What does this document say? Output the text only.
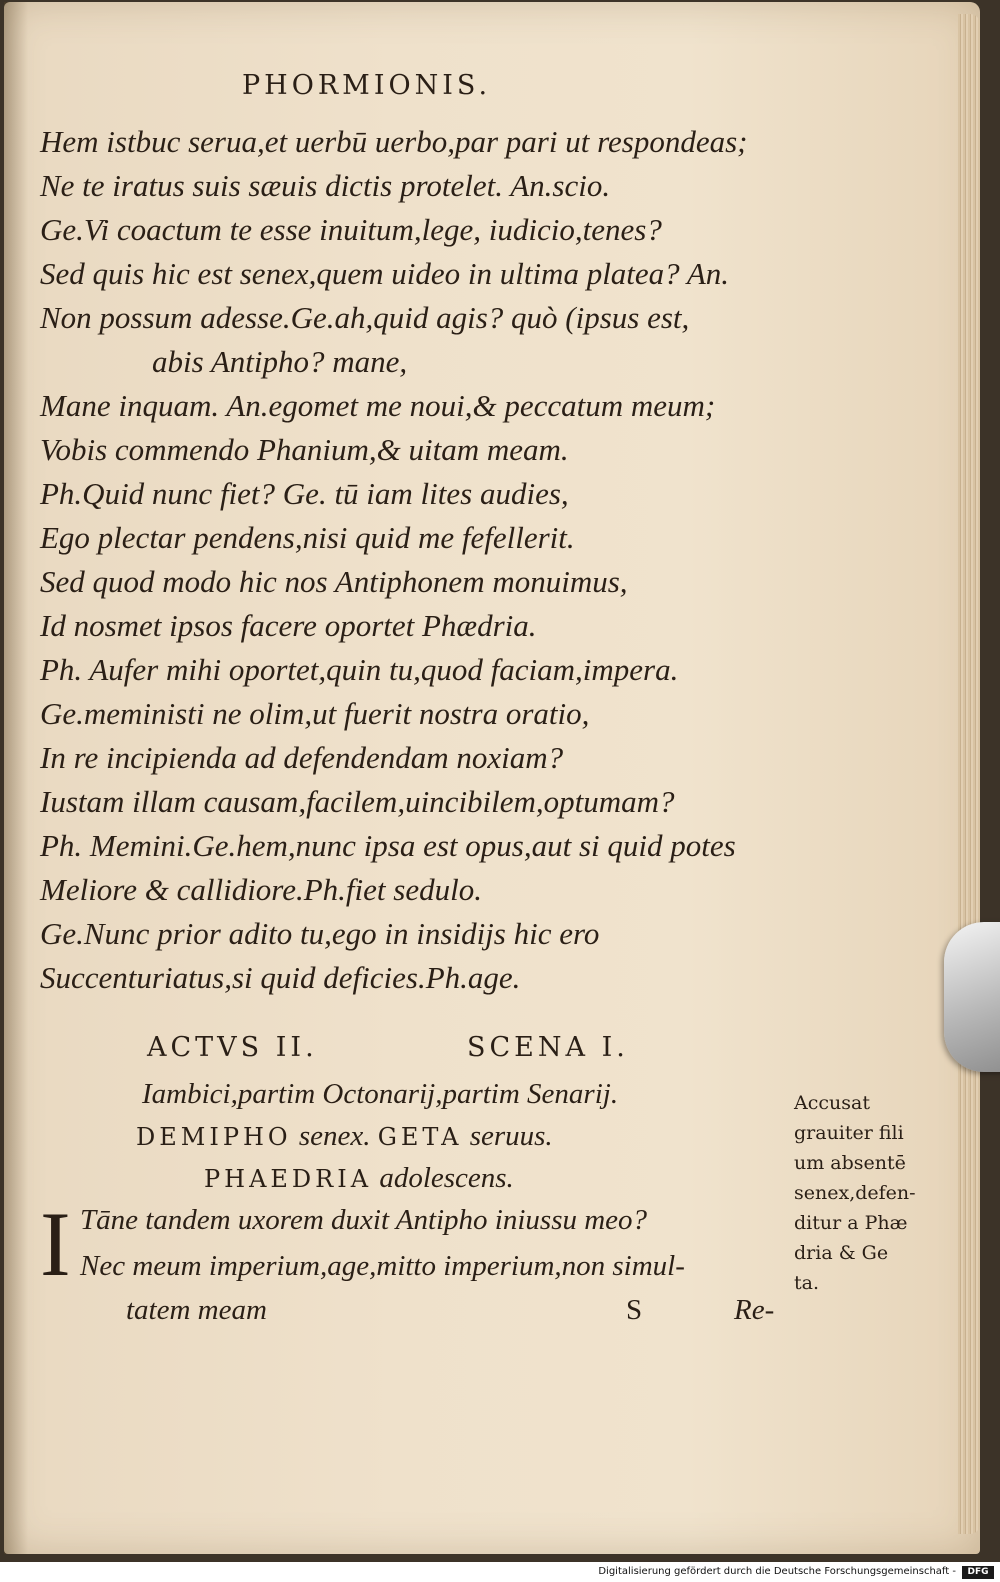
PHORMIONIS.
Hem istbuc serua,et uerbū uerbo,par pari ut respondeas;
Ne te iratus suis sæuis dictis protelet. An.scio.
Ge.Vi coactum te esse inuitum,lege, iudicio,tenes?
Sed quis hic est senex,quem uideo in ultima platea? An.
Non possum adesse.Ge.ah,quid agis? quò (ipsus est,
abis Antipho? mane,
Mane inquam. An.egomet me noui,& peccatum meum;
Vobis commendo Phanium,& uitam meam.
Ph.Quid nunc fiet? Ge. tū iam lites audies,
Ego plectar pendens,nisi quid me fefellerit.
Sed quod modo hic nos Antiphonem monuimus,
Id nosmet ipsos facere oportet Phædria.
Ph. Aufer mihi oportet,quin tu,quod faciam,impera.
Ge.meministi ne olim,ut fuerit nostra oratio,
In re incipienda ad defendendam noxiam?
Iustam illam causam,facilem,uincibilem,optumam?
Ph. Memini.Ge.hem,nunc ipsa est opus,aut si quid potes
Meliore & callidiore.Ph.fiet sedulo.
Ge.Nunc prior adito tu,ego in insidijs hic ero
Succenturiatus,si quid deficies.Ph.age.
ACTVS II.	SCENA I.
Iambici,partim Octonarij,partim Senarij.
DEMIPHO senex. GETA seruus.
PHAEDRIA adolescens.
I Tāne tandem uxorem duxit Antipho iniussu meo?
Nec meum imperium,age,mitto imperium,non simul-
tatem meam	S	Re-
Accusat
grauiter fili
um absentē
senex,defen-
ditur a Phæ
dria & Ge
ta.
Digitalisierung gefördert durch die Deutsche Forschungsgemeinschaft -	DFG
